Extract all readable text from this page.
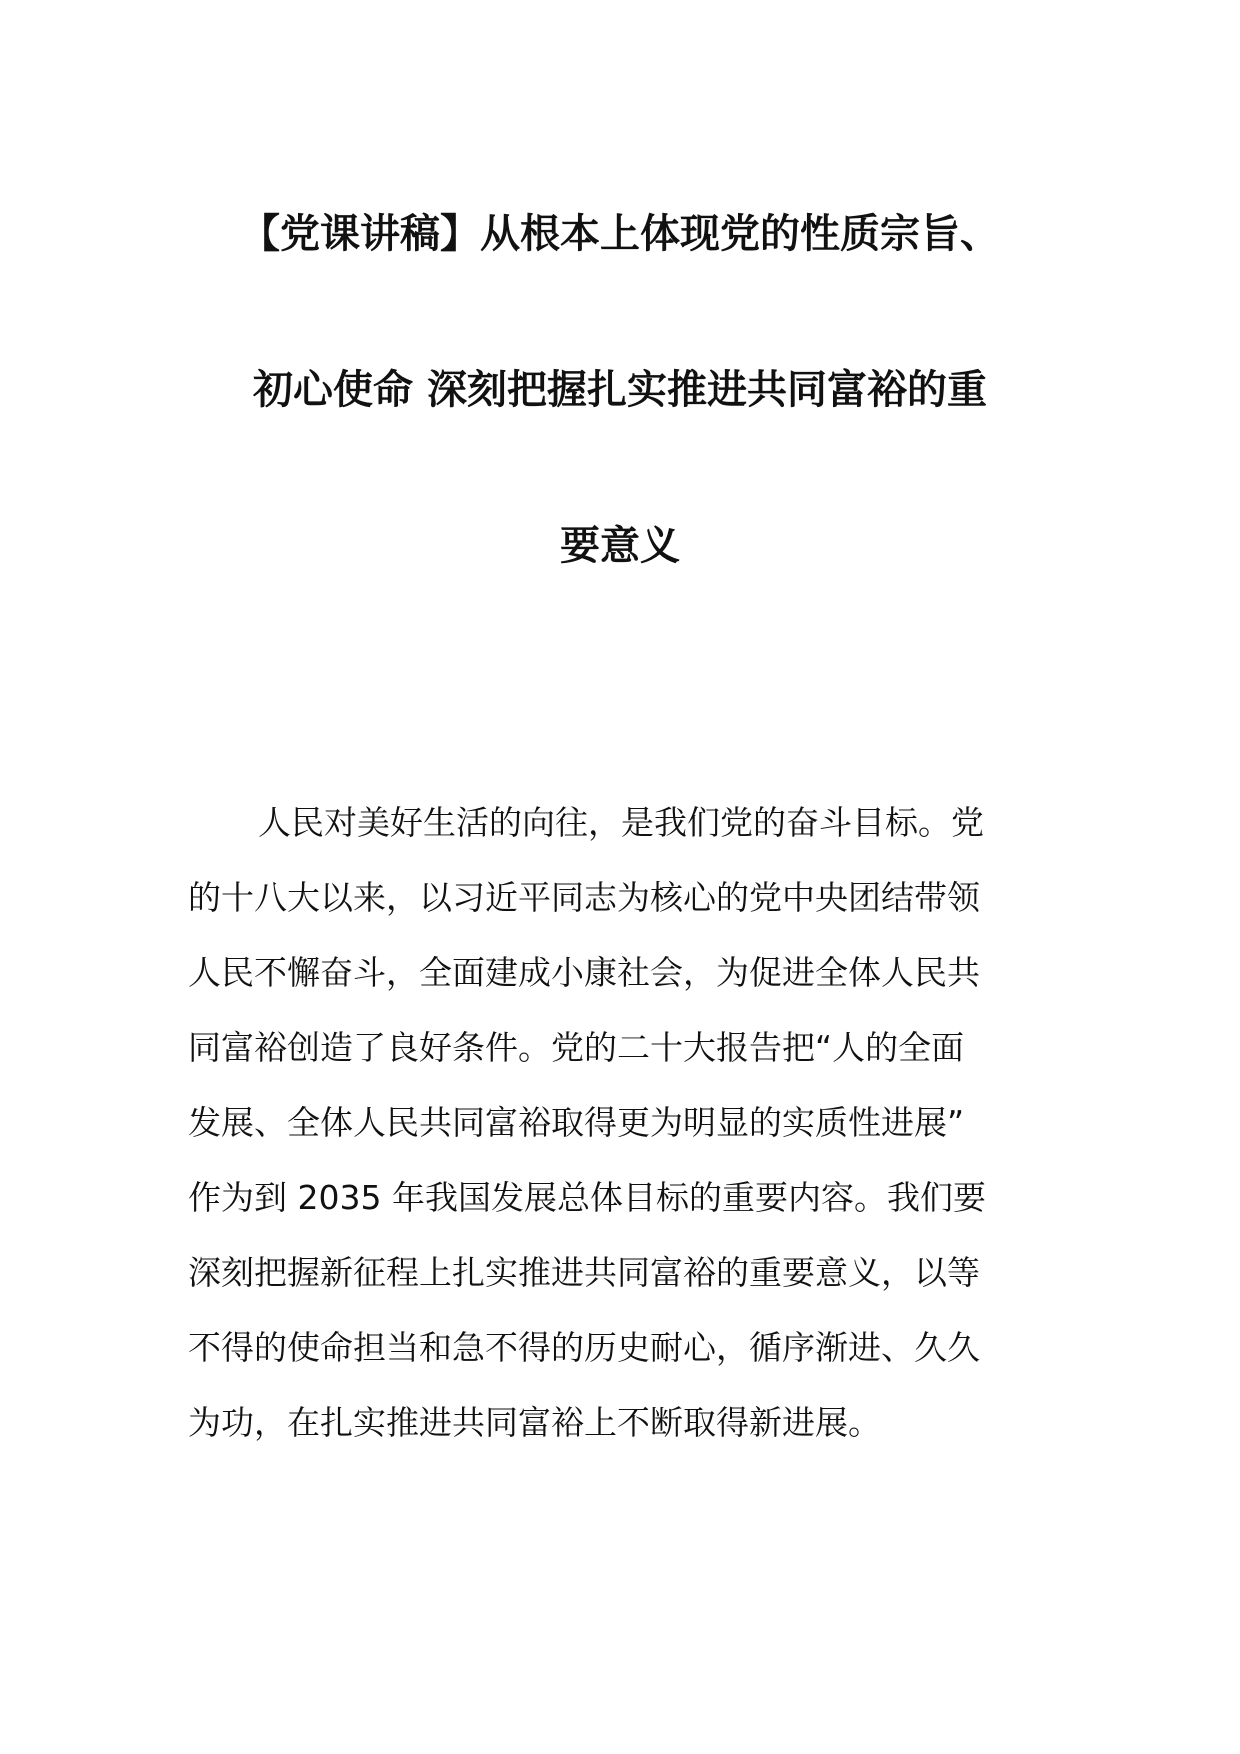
【党课讲稿】从根本上体现党的性质宗旨、
初心使命 深刻把握扎实推进共同富裕的重
要意义
人民对美好生活的向往，是我们党的奋斗目标。党
的十八大以来，以习近平同志为核心的党中央团结带领
人民不懈奋斗，全面建成小康社会，为促进全体人民共
同富裕创造了良好条件。党的二十大报告把“人的全面
发展、全体人民共同富裕取得更为明显的实质性进展”
作为到 2035 年我国发展总体目标的重要内容。我们要
深刻把握新征程上扎实推进共同富裕的重要意义，以等
不得的使命担当和急不得的历史耐心，循序渐进、久久
为功，在扎实推进共同富裕上不断取得新进展。
